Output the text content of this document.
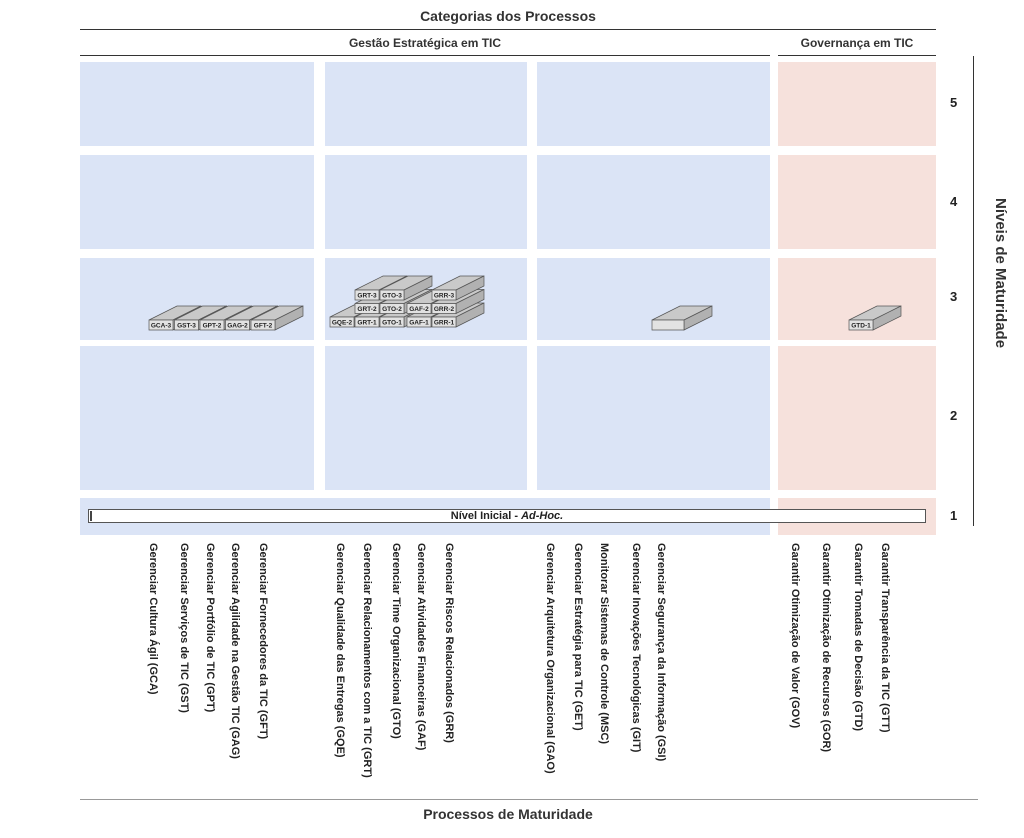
Categorias dos Processos
Gestão Estratégica em TIC	Governança em TIC
Nível Inicial - Ad-Hoc.
5
4
3
2
1
Níveis de Maturidade
GCA-3 GST-3 GPT-2 GAG-2 GFT-2	GQE-2 GRT-1
GRT-2
GRT-3
GTO-1
GTO-2
GTO-3
GAF-1
GAF-2
GRR-1
GRR-2
GRR-3
GTD-1
Gerenciar Cultura Ágil (GCA) Gerenciar Serviços de TIC (GST) Gerenciar Portfólio de TIC (GPT) Gerenciar Agilidade na Gestão TIC (GAG) Gerenciar Fornecedores da TIC (GFT)	Gerenciar Qualidade das Entregas (GQE) Gerenciar Relacionamentos com a TIC (GRT) Gerenciar Time Organizacional (GTO) Gerenciar Atividades Financeiras (GAF) Gerenciar Riscos Relacionados (GRR)	Gerenciar Arquitetura Organizacional (GAO) Gerenciar Estratégia para TIC (GET) Monitorar Sistemas de Controle (MSC) Gerenciar Inovações Tecnológicas (GIT) Gerenciar Segurança da Informação (GSI)	Garantir Otimização de Valor (GOV) Garantir Otimização de Recursos (GOR) Garantir Tomadas de Decisão (GTD) Garantir Transparência da TIC (GTT)
Processos de Maturidade
